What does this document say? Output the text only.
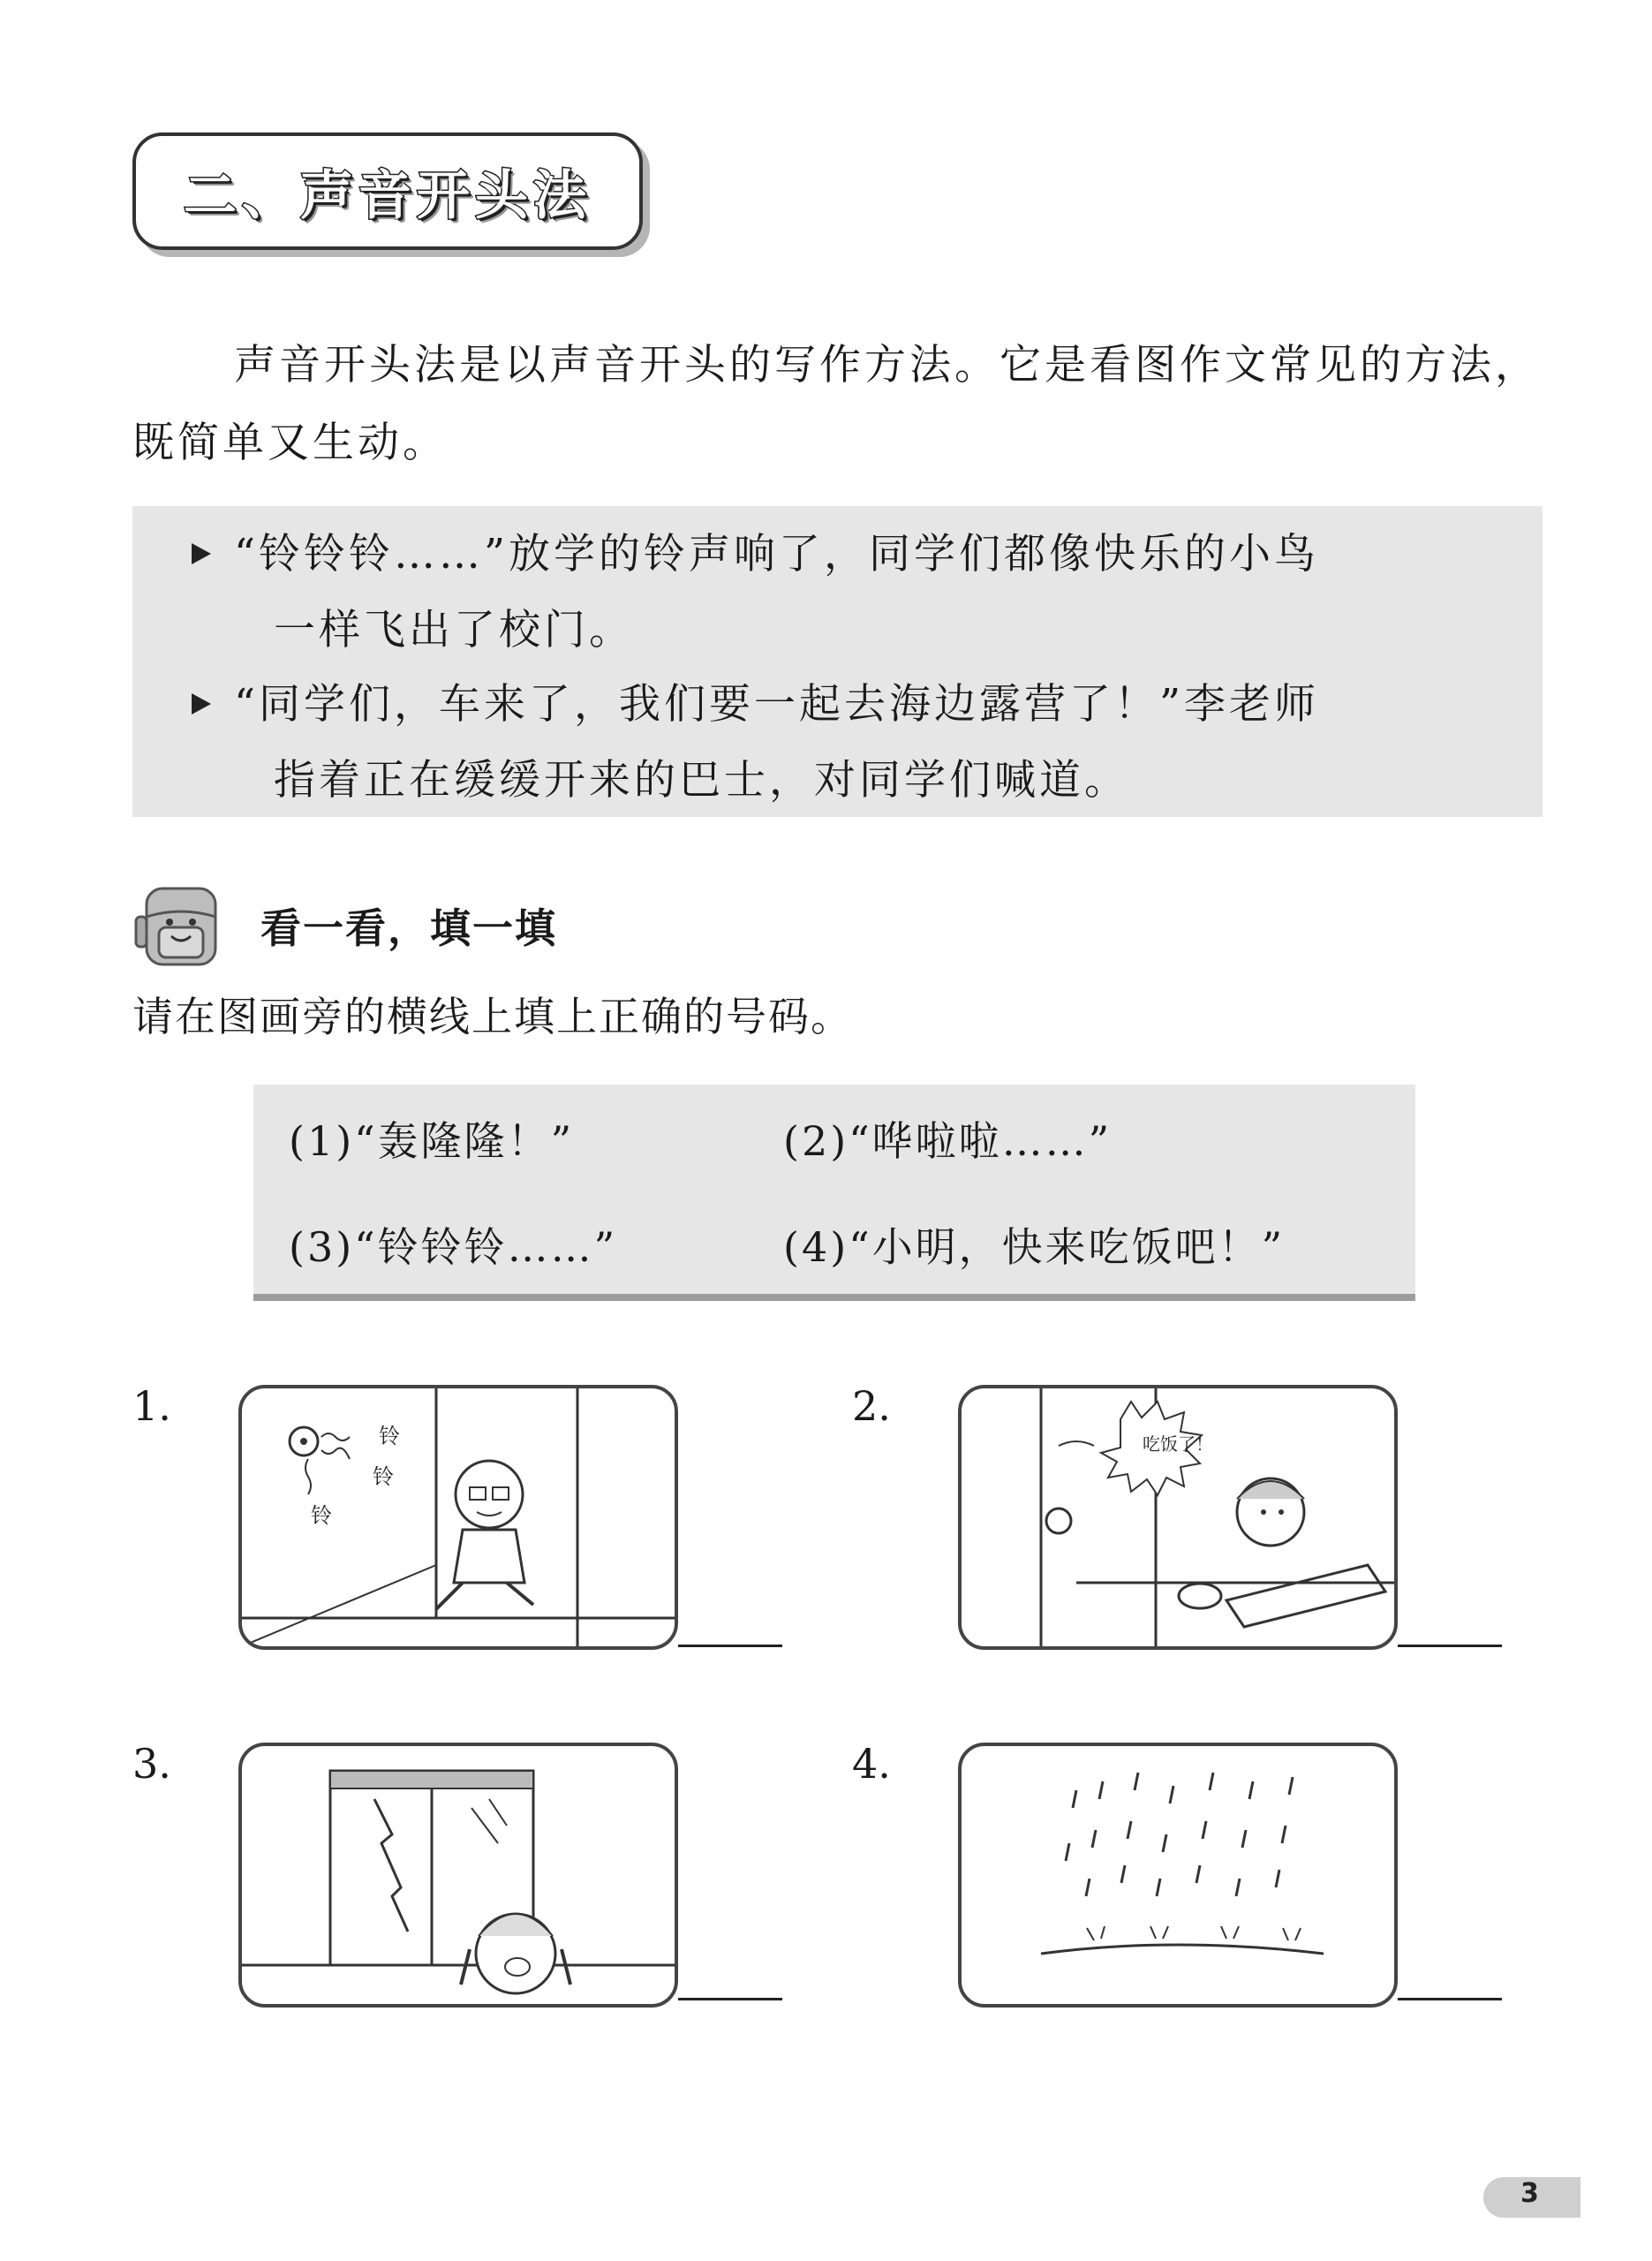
二、声音开头法
声音开头法是以声音开头的写作方法。它是看图作文常见的方法，既简单又生动。
“铃铃铃……”放学的铃声响了，同学们都像快乐的小鸟
一样飞出了校门。
“同学们，车来了，我们要一起去海边露营了！”李老师
指着正在缓缓开来的巴士，对同学们喊道。
看一看，填一填
请在图画旁的横线上填上正确的号码。
(1)“轰隆隆！”	(2)“哗啦啦……”
(3)“铃铃铃……”	(4)“小明，快来吃饭吧！”
1.
铃
铃
铃
2.
吃饭了！
3.	4.
3
